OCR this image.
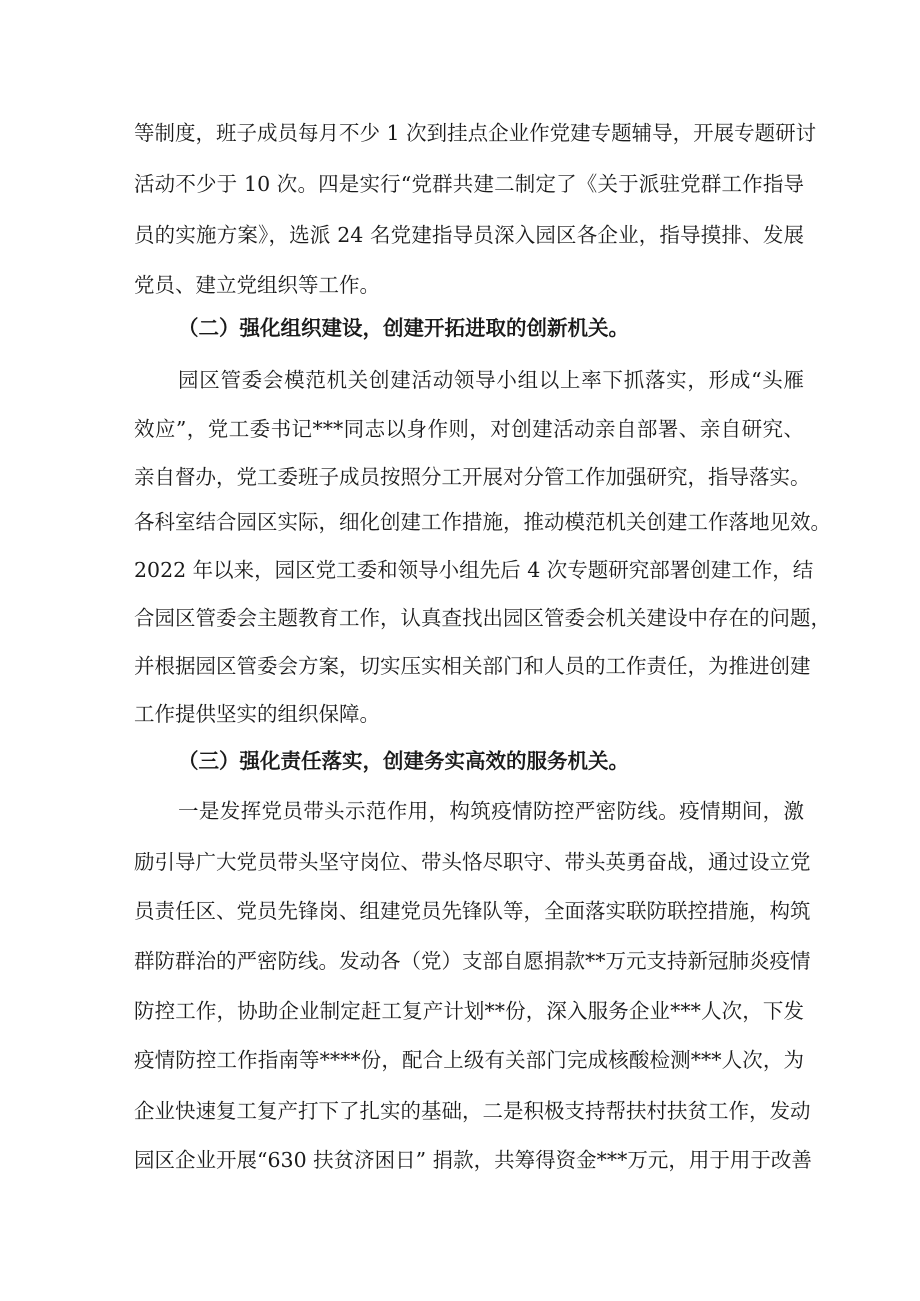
等制度，班子成员每月不少 1 次到挂点企业作党建专题辅导，开展专题研讨
活动不少于 10 次。四是实行“党群共建二制定了《关于派驻党群工作指导
员的实施方案》，选派 24 名党建指导员深入园区各企业，指导摸排、发展
党员、建立党组织等工作。
（二）强化组织建设，创建开拓进取的创新机关。
园区管委会模范机关创建活动领导小组以上率下抓落实，形成“头雁
效应”，党工委书记***同志以身作则，对创建活动亲自部署、亲自研究、
亲自督办，党工委班子成员按照分工开展对分管工作加强研究，指导落实。
各科室结合园区实际，细化创建工作措施，推动模范机关创建工作落地见效。
2022 年以来，园区党工委和领导小组先后 4 次专题研究部署创建工作，结
合园区管委会主题教育工作，认真查找出园区管委会机关建设中存在的问题，
并根据园区管委会方案，切实压实相关部门和人员的工作责任，为推进创建
工作提供坚实的组织保障。
（三）强化责任落实，创建务实高效的服务机关。
一是发挥党员带头示范作用，构筑疫情防控严密防线。疫情期间，激
励引导广大党员带头坚守岗位、带头恪尽职守、带头英勇奋战，通过设立党
员责任区、党员先锋岗、组建党员先锋队等，全面落实联防联控措施，构筑
群防群治的严密防线。发动各（党）支部自愿捐款**万元支持新冠肺炎疫情
防控工作，协助企业制定赶工复产计划**份，深入服务企业***人次，下发
疫情防控工作指南等****份，配合上级有关部门完成核酸检测***人次，为
企业快速复工复产打下了扎实的基础，二是积极支持帮扶村扶贫工作，发动
园区企业开展“630 扶贫济困日” 捐款，共筹得资金***万元，用于用于改善
